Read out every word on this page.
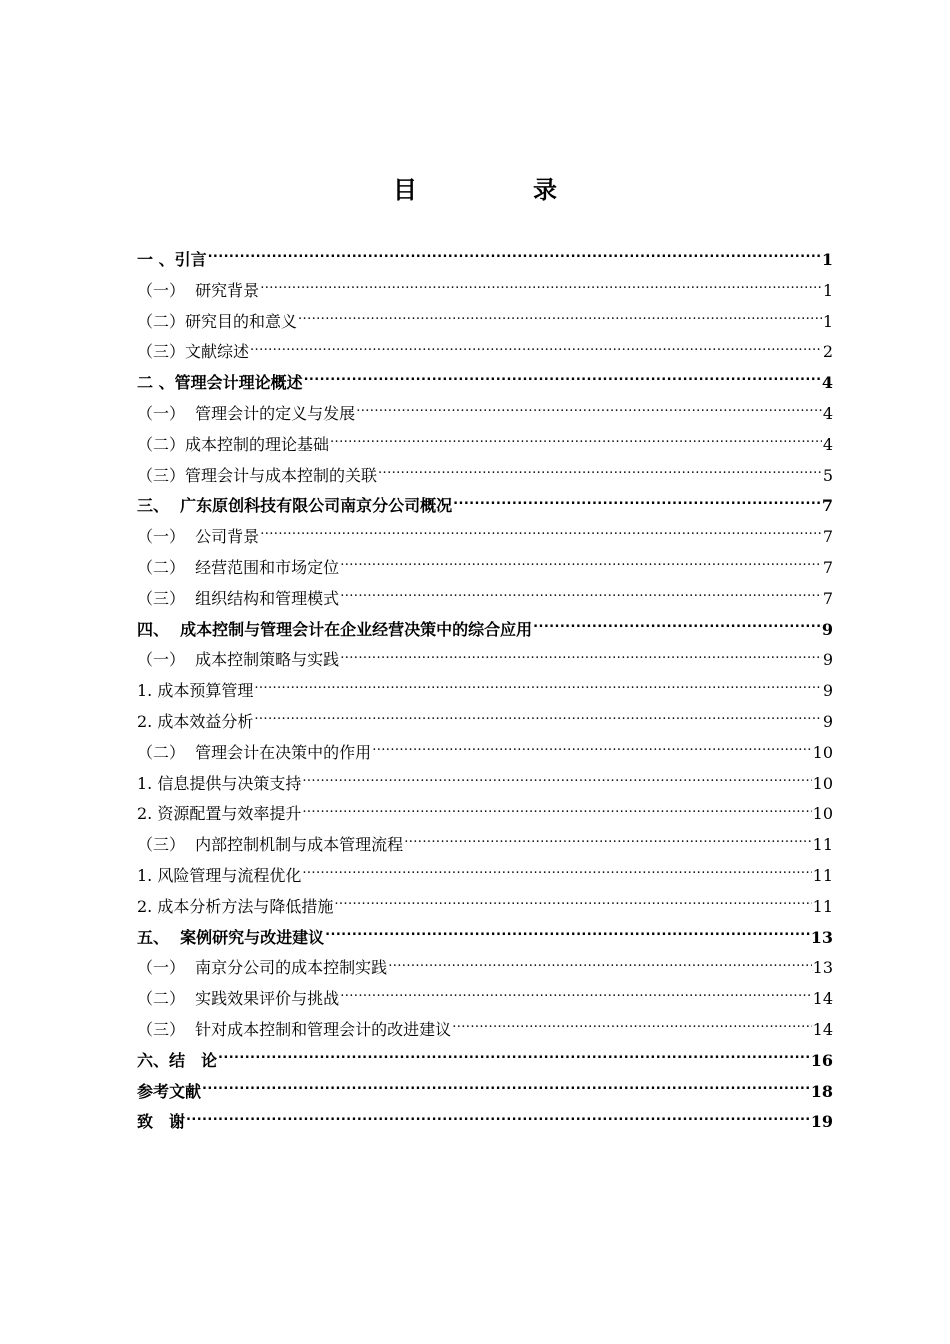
目　录
一 、引言 .....	1
（一）  研究背景 .....	1
（二）研究目的和意义 .....	1
（三）文献综述 .....	2
二 、管理会计理论概述 .....	4
（一）  管理会计的定义与发展 .....	4
（二）成本控制的理论基础 .....	4
（三）管理会计与成本控制的关联 .....	5
三、  广东原创科技有限公司南京分公司概况 .....	7
（一）  公司背景 .....	7
（二）  经营范围和市场定位 .....	7
（三）  组织结构和管理模式 .....	7
四、  成本控制与管理会计在企业经营决策中的综合应用 .....	9
（一）  成本控制策略与实践 .....	9
1. 成本预算管理 .....	9
2. 成本效益分析 .....	9
（二）  管理会计在决策中的作用 .....	10
1. 信息提供与决策支持 .....	10
2. 资源配置与效率提升 .....	10
（三）  内部控制机制与成本管理流程 .....	11
1. 风险管理与流程优化 .....	11
2. 成本分析方法与降低措施 .....	11
五、  案例研究与改进建议 .....	13
（一）  南京分公司的成本控制实践 .....	13
（二）  实践效果评价与挑战 .....	14
（三）  针对成本控制和管理会计的改进建议 .....	14
六、结　论 .....	16
参考文献 .....	18
致　谢 .....	19
